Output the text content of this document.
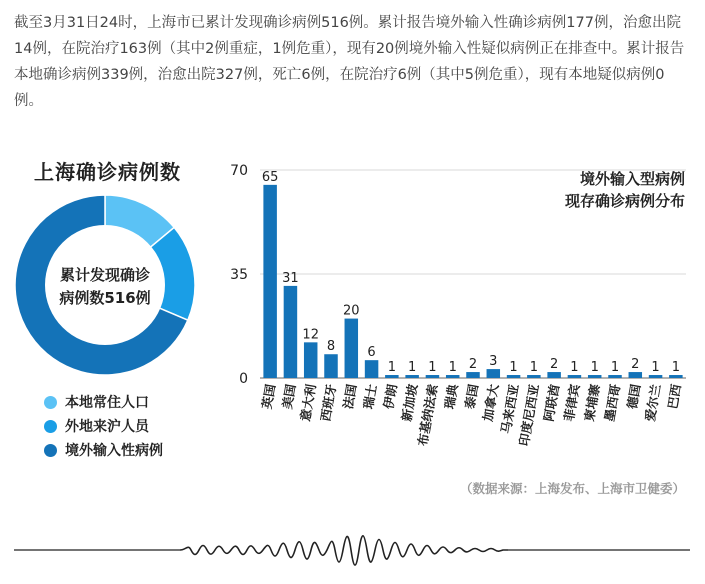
截至3月31日24时，上海市已累计发现确诊病例516例。累计报告境外输入性确诊病例177例，治愈出院14例，在院治疗163例（其中2例重症，1例危重），现有20例境外输入性疑似病例正在排查中。累计报告本地确诊病例339例，治愈出院327例，死亡6例，在院治疗6例（其中5例危重），现有本地疑似病例0例。

上海确诊病例数
累计发现确诊
病例数516例
本地常住人口
外地来沪人员
境外输入性病例
0
35
70 65
31
12
8
20
6
1 1 1 1 2 3 1 1 2 1 1 1 2 1 1
英国 美国
意大利 西班牙 法国 瑞士 伊朗
新加坡
布基纳法索 瑞典 泰国 加拿大
马来西亚
印度尼西亚
阿联酋 菲律宾
柬埔寨 墨西哥 德国
爱尔兰 巴西
境外输入型病例
现存确诊病例分布
（数据来源：上海发布、上海市卫健委）
